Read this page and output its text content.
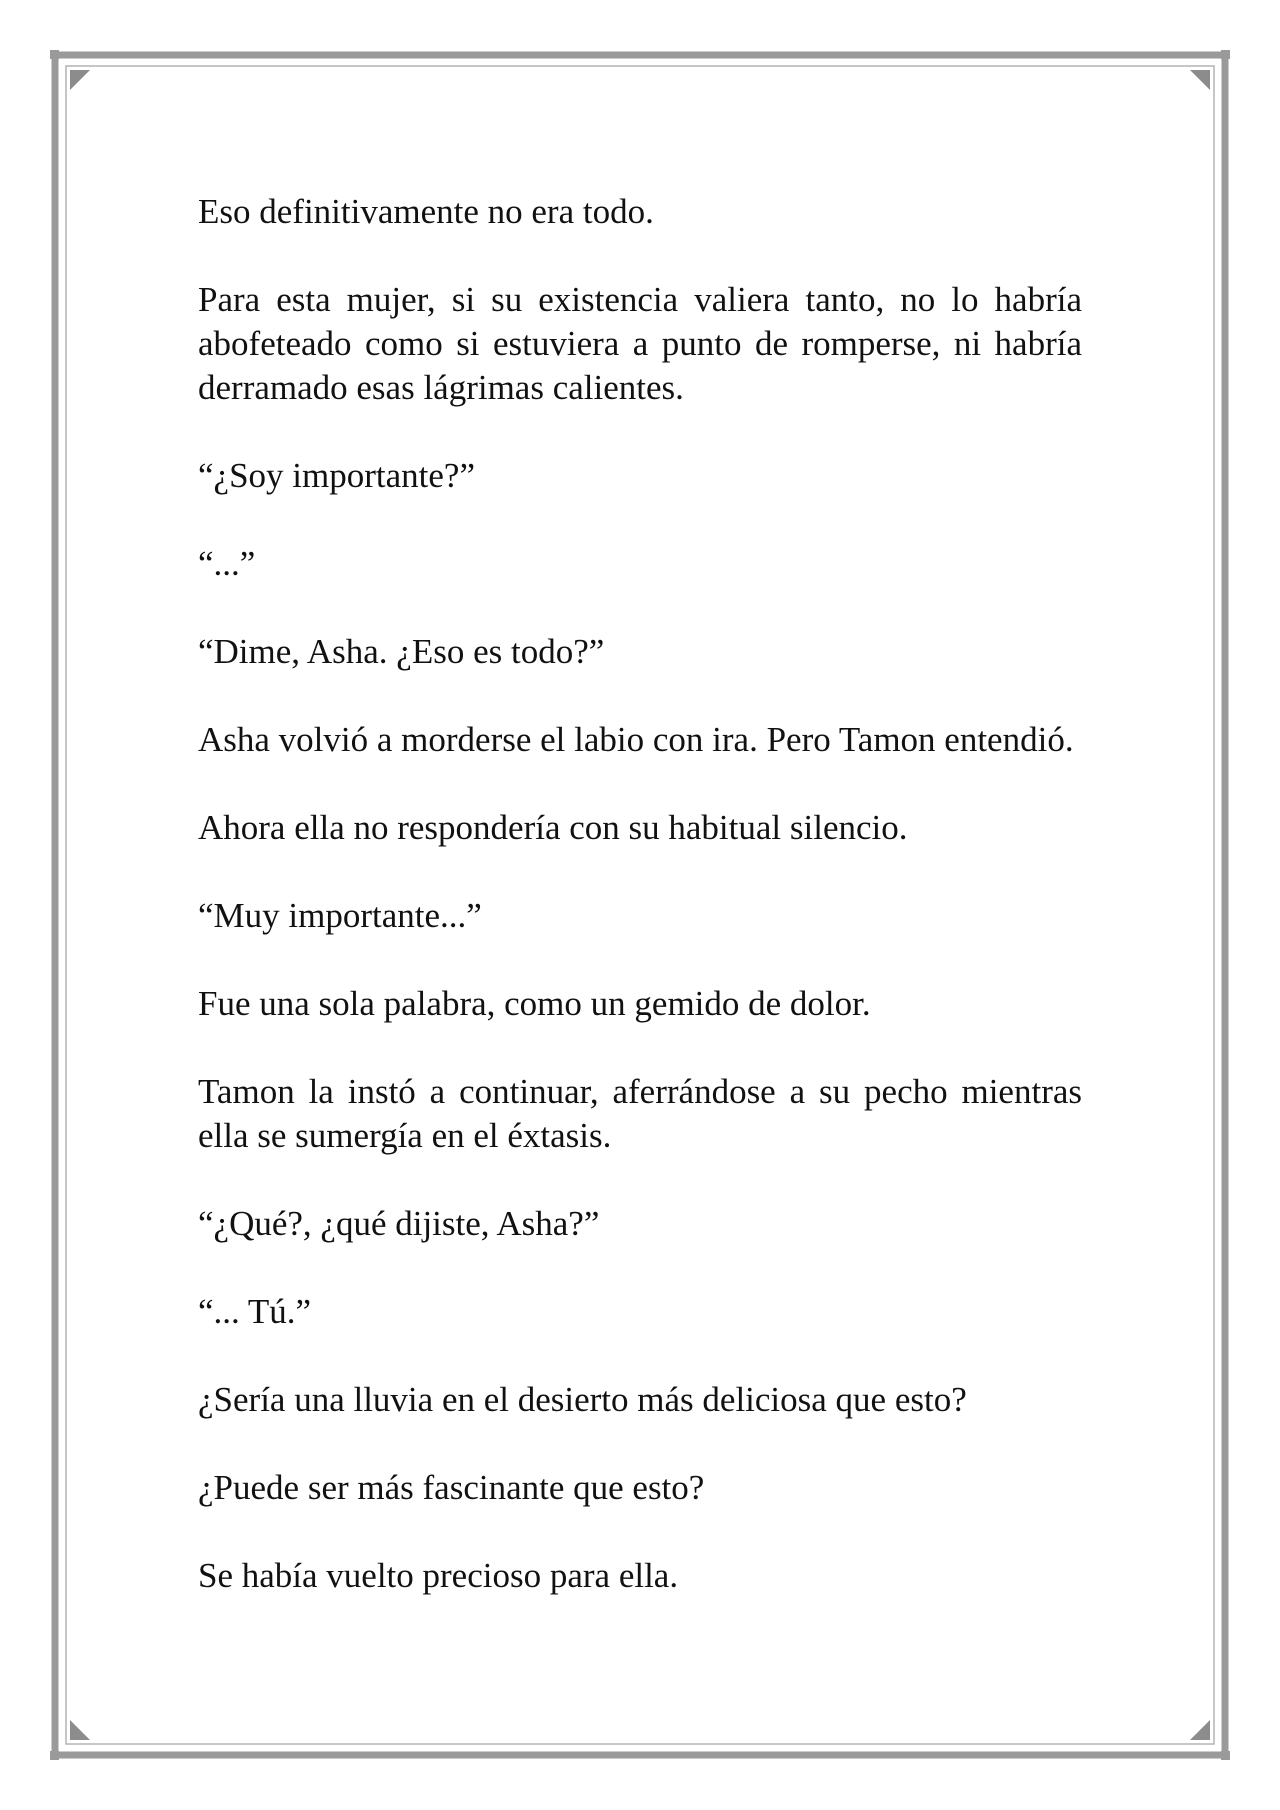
Eso definitivamente no era todo.

Para esta mujer, si su existencia valiera tanto, no lo habría abofeteado como si estuviera a punto de romperse, ni habría derramado esas lágrimas calientes.

“¿Soy importante?”

“...”

“Dime, Asha. ¿Eso es todo?”

Asha volvió a morderse el labio con ira. Pero Tamon entendió.

Ahora ella no respondería con su habitual silencio.

“Muy importante...”

Fue una sola palabra, como un gemido de dolor.

Tamon la instó a continuar, aferrándose a su pecho mientras ella se sumergía en el éxtasis.

“¿Qué?, ¿qué dijiste, Asha?”

“... Tú.”

¿Sería una lluvia en el desierto más deliciosa que esto?

¿Puede ser más fascinante que esto?

Se había vuelto precioso para ella.
